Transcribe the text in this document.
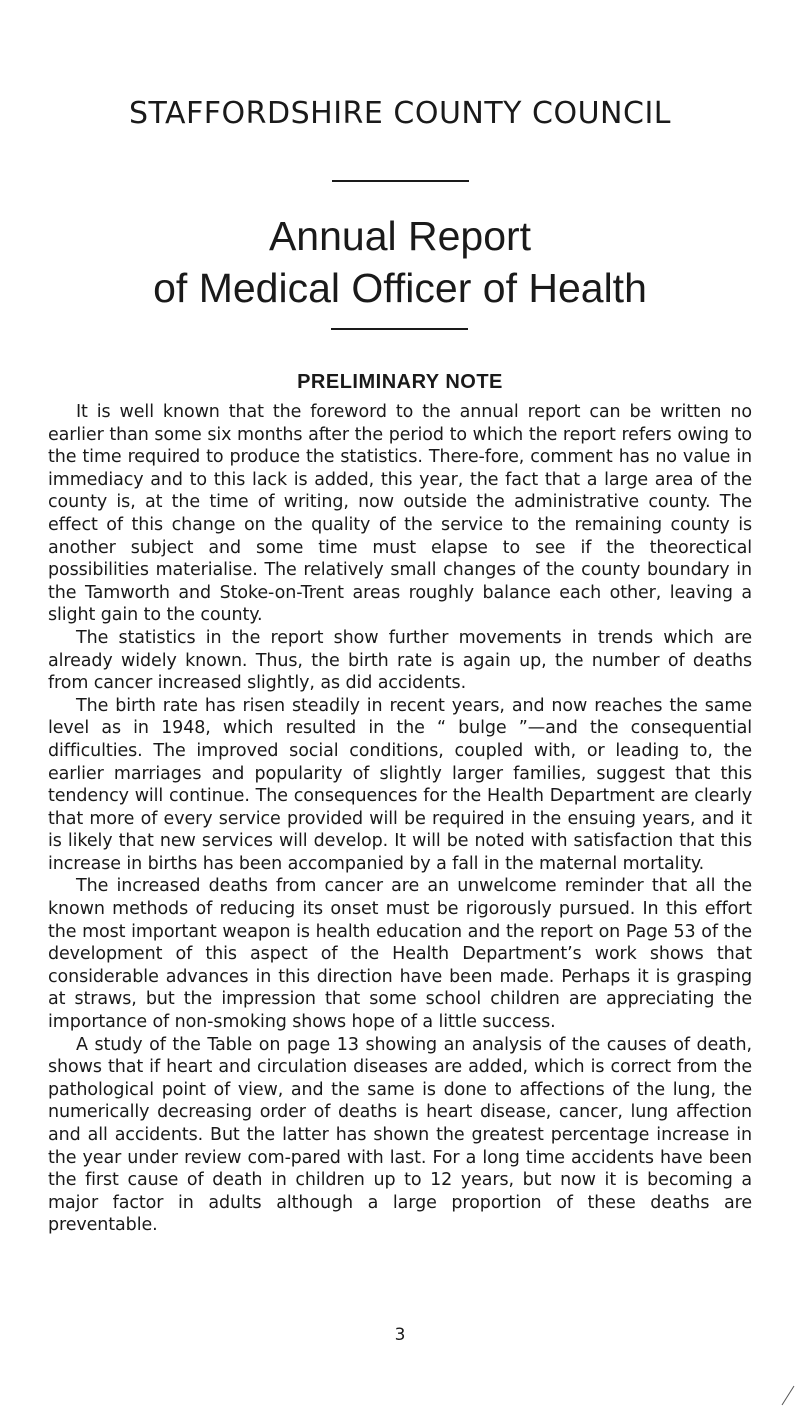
STAFFORDSHIRE COUNTY COUNCIL
Annual Report
of Medical Officer of Health
PRELIMINARY NOTE

It is well known that the foreword to the annual report can be written no earlier than some six months after the period to which the report refers owing to the time required to produce the statistics. There-fore, comment has no value in immediacy and to this lack is added, this year, the fact that a large area of the county is, at the time of writing, now outside the administrative county. The effect of this change on the quality of the service to the remaining county is another subject and some time must elapse to see if the theorectical possibilities materialise. The relatively small changes of the county boundary in the Tamworth and Stoke-on-Trent areas roughly balance each other, leaving a slight gain to the county.

The statistics in the report show further movements in trends which are already widely known. Thus, the birth rate is again up, the number of deaths from cancer increased slightly, as did accidents.

The birth rate has risen steadily in recent years, and now reaches the same level as in 1948, which resulted in the “ bulge ”—and the consequential difficulties. The improved social conditions, coupled with, or leading to, the earlier marriages and popularity of slightly larger families, suggest that this tendency will continue. The consequences for the Health Department are clearly that more of every service provided will be required in the ensuing years, and it is likely that new services will develop. It will be noted with satisfaction that this increase in births has been accompanied by a fall in the maternal mortality.

The increased deaths from cancer are an unwelcome reminder that all the known methods of reducing its onset must be rigorously pursued. In this effort the most important weapon is health education and the report on Page 53 of the development of this aspect of the Health Department’s work shows that considerable advances in this direction have been made. Perhaps it is grasping at straws, but the impression that some school children are appreciating the importance of non-smoking shows hope of a little success.

A study of the Table on page 13 showing an analysis of the causes of death, shows that if heart and circulation diseases are added, which is correct from the pathological point of view, and the same is done to affections of the lung, the numerically decreasing order of deaths is heart disease, cancer, lung affection and all accidents. But the latter has shown the greatest percentage increase in the year under review com-pared with last. For a long time accidents have been the first cause of death in children up to 12 years, but now it is becoming a major factor in adults although a large proportion of these deaths are preventable.

3
